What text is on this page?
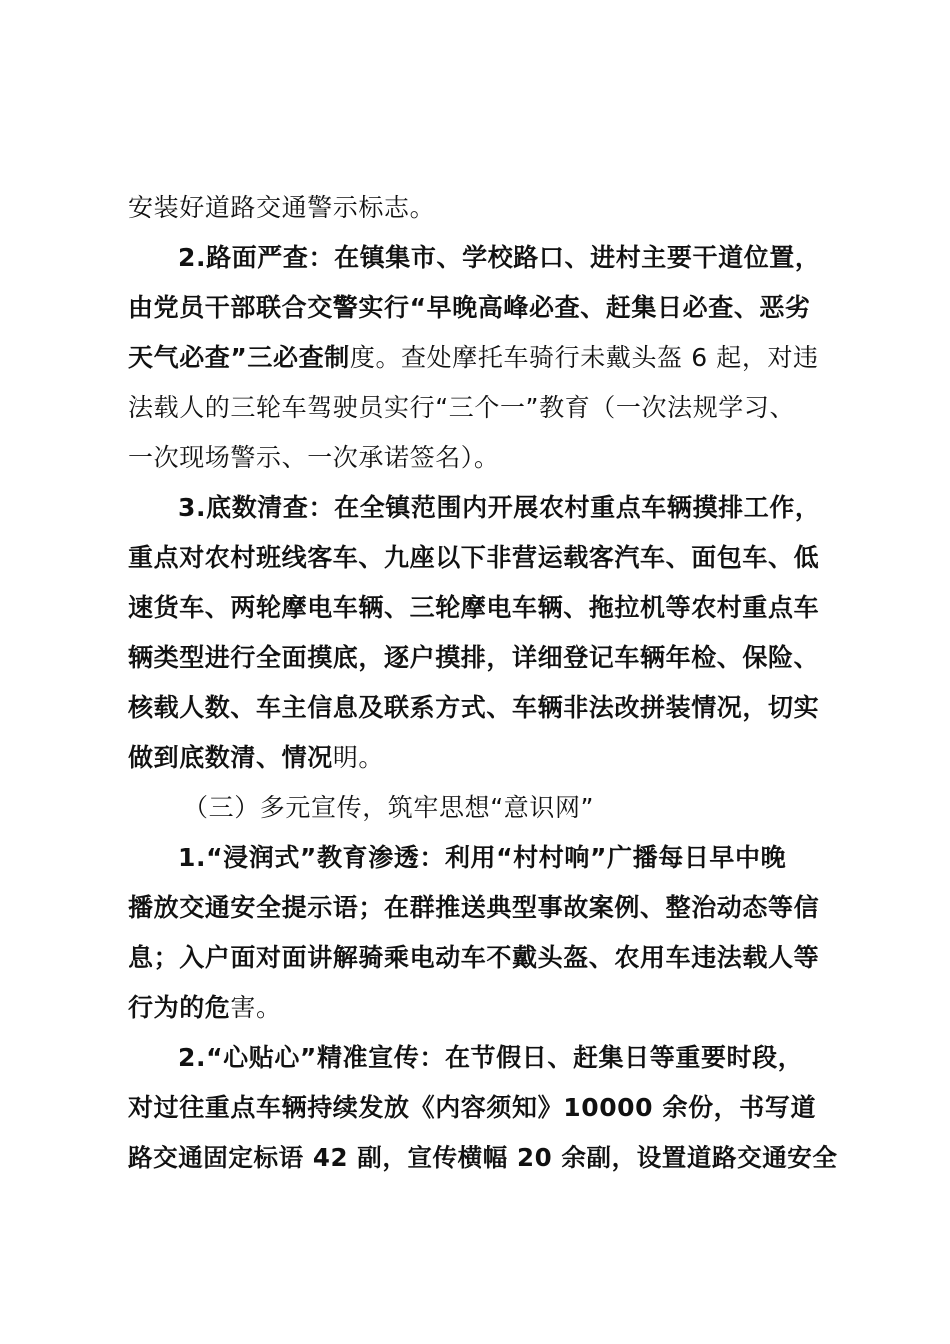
安装好道路交通警示标志。
2.路面严查：在镇集市、学校路口、进村主要干道位置，
由党员干部联合交警实行“早晚高峰必查、赶集日必查、恶劣
天气必查”三必查制度。查处摩托车骑行未戴头盔 6 起，对违
法载人的三轮车驾驶员实行“三个一”教育（一次法规学习、
一次现场警示、一次承诺签名）。
3.底数清查：在全镇范围内开展农村重点车辆摸排工作，
重点对农村班线客车、九座以下非营运载客汽车、面包车、低
速货车、两轮摩电车辆、三轮摩电车辆、拖拉机等农村重点车
辆类型进行全面摸底，逐户摸排，详细登记车辆年检、保险、
核载人数、车主信息及联系方式、车辆非法改拼装情况，切实
做到底数清、情况明。
（三）多元宣传，筑牢思想“意识网”
1.“浸润式”教育渗透：利用“村村响”广播每日早中晚
播放交通安全提示语；在群推送典型事故案例、整治动态等信
息；入户面对面讲解骑乘电动车不戴头盔、农用车违法载人等
行为的危害。
2.“心贴心”精准宣传：在节假日、赶集日等重要时段，
对过往重点车辆持续发放《内容须知》10000 余份，书写道
路交通固定标语 42 副，宣传横幅 20 余副，设置道路交通安全
